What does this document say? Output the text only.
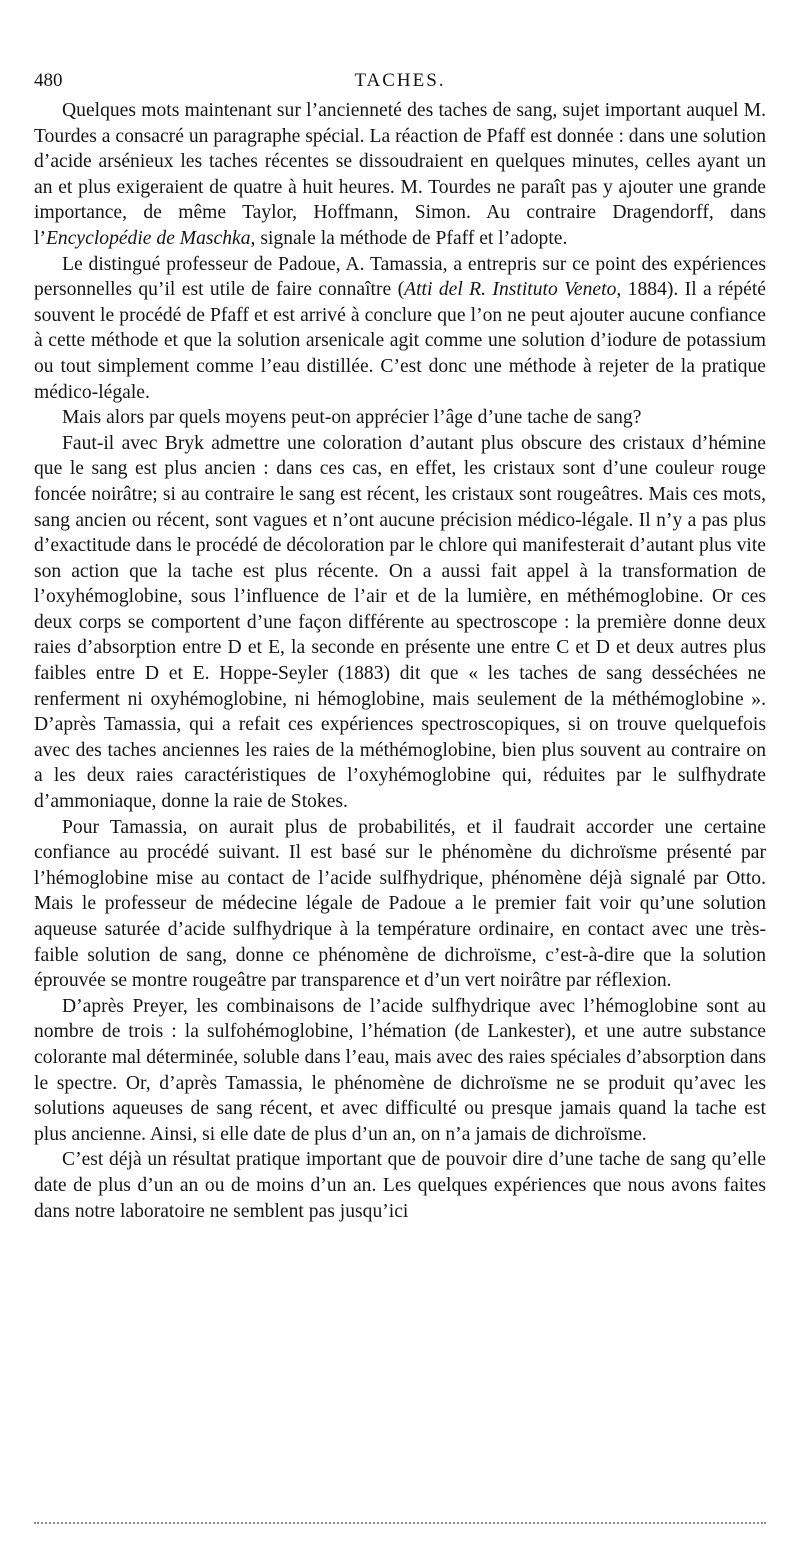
480	TACHES.

Quelques mots maintenant sur l’ancienneté des taches de sang, sujet important auquel M. Tourdes a consacré un paragraphe spécial. La réaction de Pfaff est donnée : dans une solution d’acide arsénieux les taches récentes se dissoudraient en quelques minutes, celles ayant un an et plus exigeraient de quatre à huit heures. M. Tourdes ne paraît pas y ajouter une grande importance, de même Taylor, Hoffmann, Simon. Au contraire Dragendorff, dans l’Encyclopédie de Maschka, signale la méthode de Pfaff et l’adopte.

Le distingué professeur de Padoue, A. Tamassia, a entrepris sur ce point des expériences personnelles qu’il est utile de faire connaître (Atti del R. Instituto Veneto, 1884). Il a répété souvent le procédé de Pfaff et est arrivé à conclure que l’on ne peut ajouter aucune confiance à cette méthode et que la solution arsenicale agit comme une solution d’iodure de potassium ou tout simplement comme l’eau distillée. C’est donc une méthode à rejeter de la pratique médico-légale.

Mais alors par quels moyens peut-on apprécier l’âge d’une tache de sang?

Faut-il avec Bryk admettre une coloration d’autant plus obscure des cristaux d’hémine que le sang est plus ancien : dans ces cas, en effet, les cristaux sont d’une couleur rouge foncée noirâtre; si au contraire le sang est récent, les cristaux sont rougeâtres. Mais ces mots, sang ancien ou récent, sont vagues et n’ont aucune précision médico-légale. Il n’y a pas plus d’exactitude dans le procédé de décoloration par le chlore qui manifesterait d’autant plus vite son action que la tache est plus récente. On a aussi fait appel à la transformation de l’oxyhémoglobine, sous l’influence de l’air et de la lumière, en méthémoglobine. Or ces deux corps se comportent d’une façon différente au spectroscope : la première donne deux raies d’absorption entre D et E, la seconde en présente une entre C et D et deux autres plus faibles entre D et E. Hoppe-Seyler (1883) dit que « les taches de sang desséchées ne renferment ni oxyhémoglobine, ni hémoglobine, mais seulement de la méthémoglobine ». D’après Tamassia, qui a refait ces expériences spectroscopiques, si on trouve quelquefois avec des taches anciennes les raies de la méthémoglobine, bien plus souvent au contraire on a les deux raies caractéristiques de l’oxyhémoglobine qui, réduites par le sulfhydrate d’ammoniaque, donne la raie de Stokes.

Pour Tamassia, on aurait plus de probabilités, et il faudrait accorder une certaine confiance au procédé suivant. Il est basé sur le phénomène du dichroïsme présenté par l’hémoglobine mise au contact de l’acide sulfhydrique, phénomène déjà signalé par Otto. Mais le professeur de médecine légale de Padoue a le premier fait voir qu’une solution aqueuse saturée d’acide sulfhydrique à la température ordinaire, en contact avec une très-faible solution de sang, donne ce phénomène de dichroïsme, c’est-à-dire que la solution éprouvée se montre rougeâtre par transparence et d’un vert noirâtre par réflexion.

D’après Preyer, les combinaisons de l’acide sulfhydrique avec l’hémoglobine sont au nombre de trois : la sulfohémoglobine, l’hémation (de Lankester), et une autre substance colorante mal déterminée, soluble dans l’eau, mais avec des raies spéciales d’absorption dans le spectre. Or, d’après Tamassia, le phénomène de dichroïsme ne se produit qu’avec les solutions aqueuses de sang récent, et avec difficulté ou presque jamais quand la tache est plus ancienne. Ainsi, si elle date de plus d’un an, on n’a jamais de dichroïsme.

C’est déjà un résultat pratique important que de pouvoir dire d’une tache de sang qu’elle date de plus d’un an ou de moins d’un an. Les quelques expériences que nous avons faites dans notre laboratoire ne semblent pas jusqu’ici
